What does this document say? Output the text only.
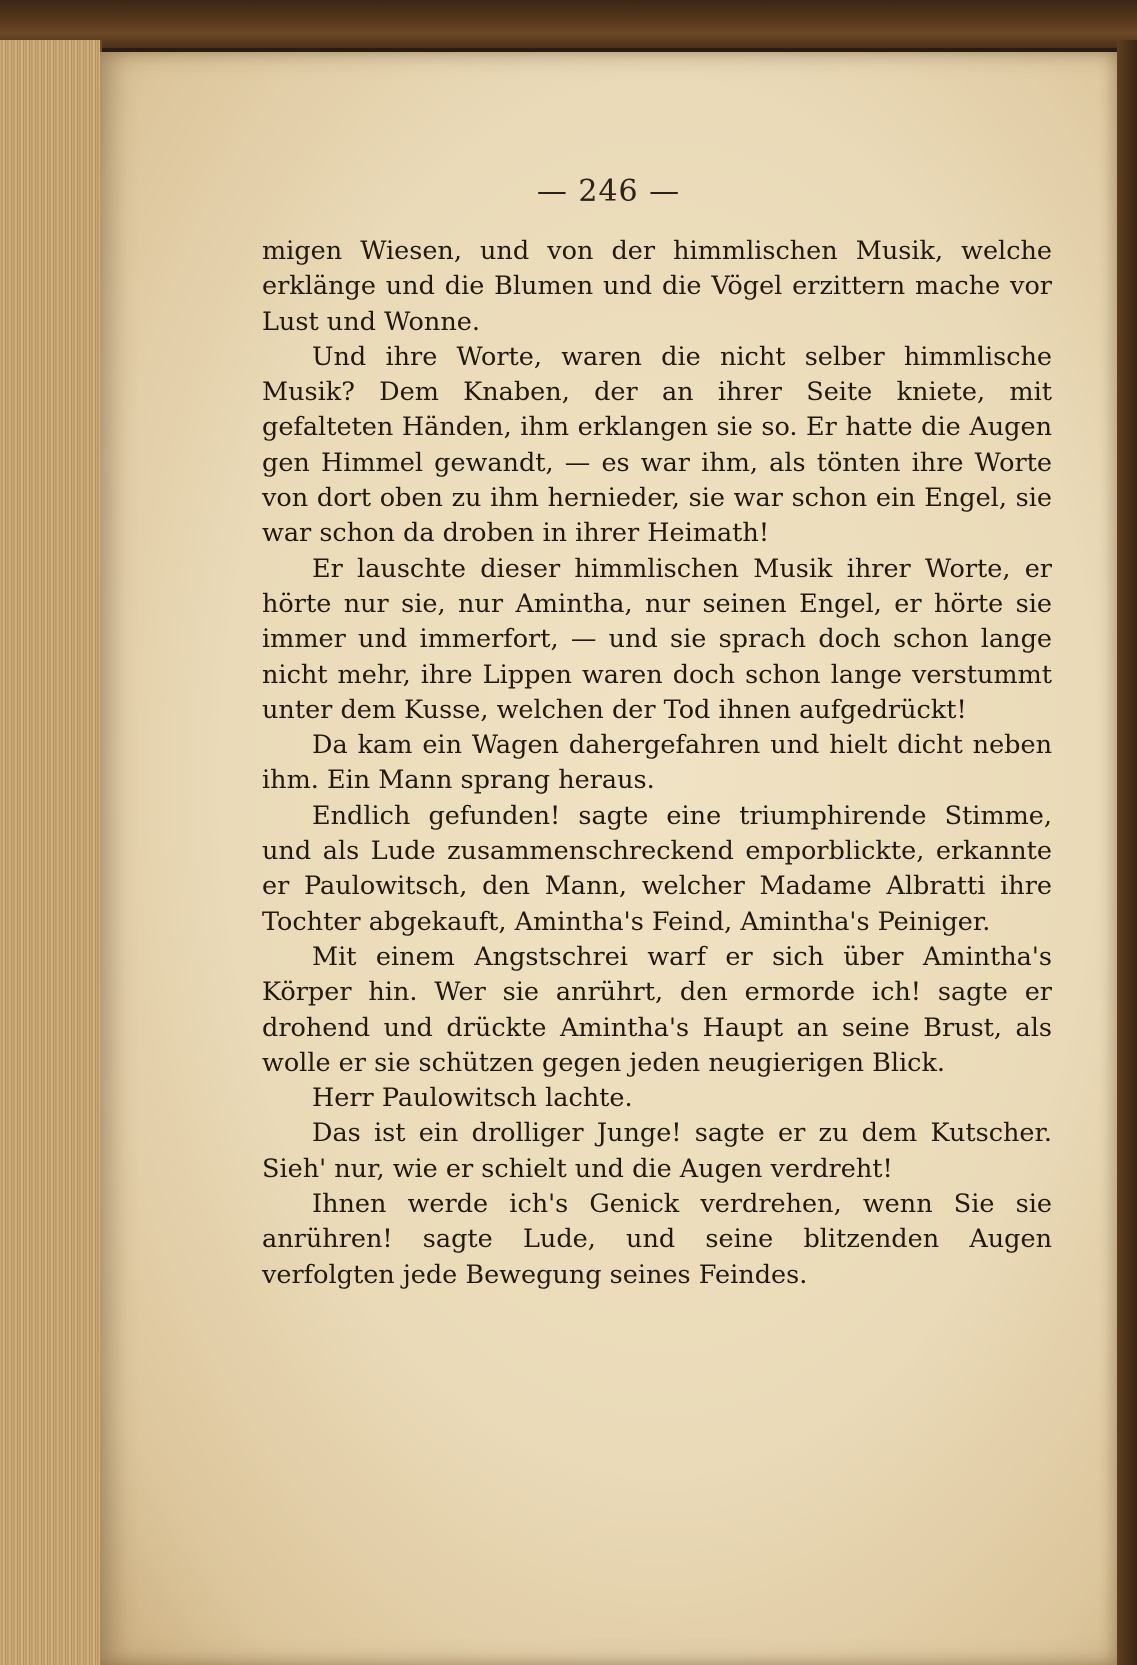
— 246 —

migen Wiesen, und von der himmlischen Musik, welche erklänge und die Blumen und die Vögel erzittern mache vor Lust und Wonne.

Und ihre Worte, waren die nicht selber himmlische Musik? Dem Knaben, der an ihrer Seite kniete, mit gefalteten Händen, ihm erklangen sie so. Er hatte die Augen gen Himmel gewandt, — es war ihm, als tönten ihre Worte von dort oben zu ihm hernieder, sie war schon ein Engel, sie war schon da droben in ihrer Heimath!

Er lauschte dieser himmlischen Musik ihrer Worte, er hörte nur sie, nur Amintha, nur seinen Engel, er hörte sie immer und immerfort, — und sie sprach doch schon lange nicht mehr, ihre Lippen waren doch schon lange verstummt unter dem Kusse, welchen der Tod ihnen aufgedrückt!

Da kam ein Wagen dahergefahren und hielt dicht neben ihm. Ein Mann sprang heraus.

Endlich gefunden! sagte eine triumphirende Stimme, und als Lude zusammenschreckend emporblickte, erkannte er Paulowitsch, den Mann, welcher Madame Albratti ihre Tochter abgekauft, Amintha's Feind, Amintha's Peiniger.

Mit einem Angstschrei warf er sich über Amintha's Körper hin. Wer sie anrührt, den ermorde ich! sagte er drohend und drückte Amintha's Haupt an seine Brust, als wolle er sie schützen gegen jeden neugierigen Blick.

Herr Paulowitsch lachte.

Das ist ein drolliger Junge! sagte er zu dem Kutscher. Sieh' nur, wie er schielt und die Augen verdreht!

Ihnen werde ich's Genick verdrehen, wenn Sie sie anrühren! sagte Lude, und seine blitzenden Augen verfolgten jede Bewegung seines Feindes.
